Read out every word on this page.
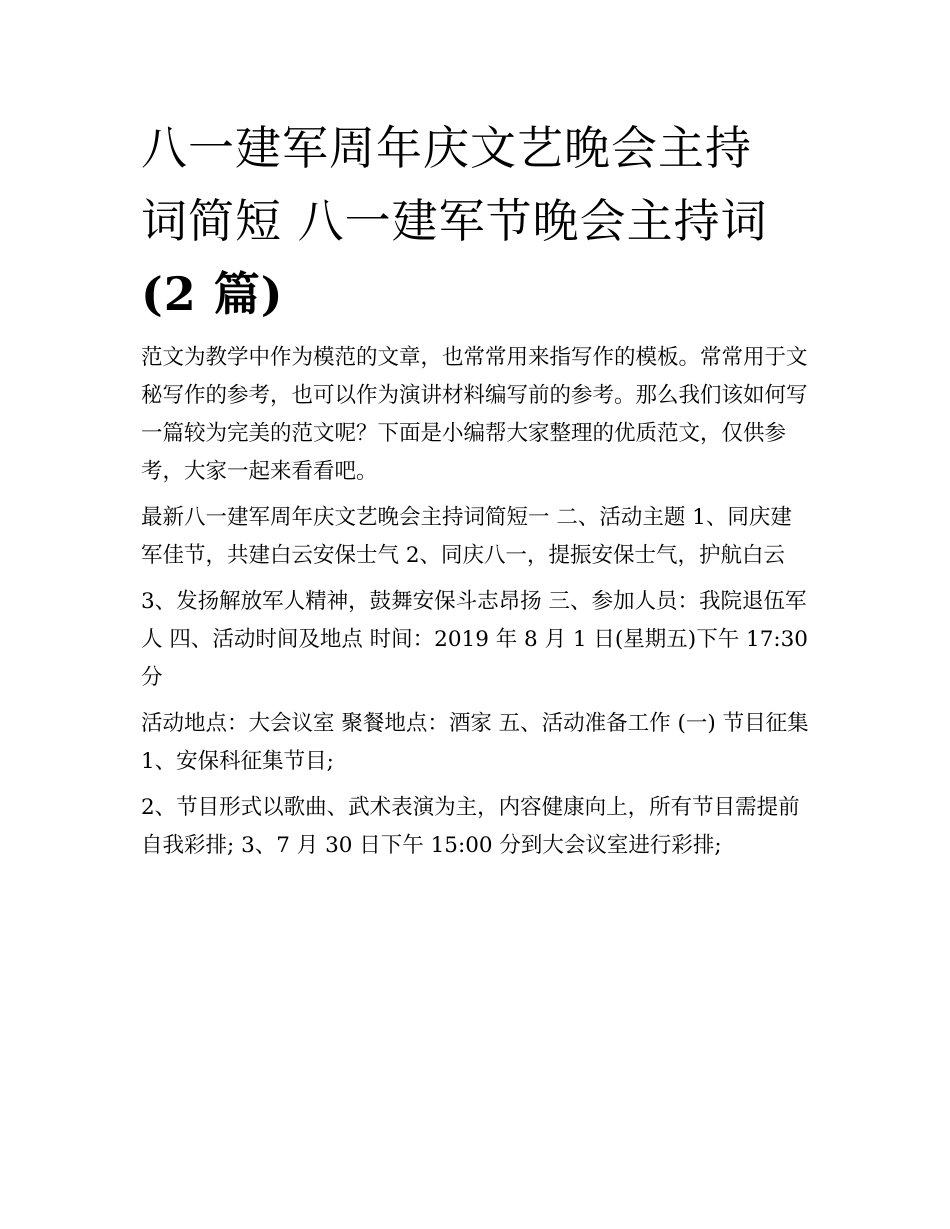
八一建军周年庆文艺晚会主持
词简短 八一建军节晚会主持词
(2 篇)

范文为教学中作为模范的文章，也常常用来指写作的模板。常常用于文秘写作的参考，也可以作为演讲材料编写前的参考。那么我们该如何写一篇较为完美的范文呢？下面是小编帮大家整理的优质范文，仅供参考，大家一起来看看吧。

最新八一建军周年庆文艺晚会主持词简短一 二、活动主题 1、同庆建军佳节，共建白云安保士气 2、同庆八一，提振安保士气，护航白云

3、发扬解放军人精神，鼓舞安保斗志昂扬 三、参加人员：我院退伍军人 四、活动时间及地点 时间：2019 年 8 月 1 日(星期五)下午 17:30 分

活动地点：大会议室 聚餐地点：酒家 五、活动准备工作 (一) 节目征集 1、安保科征集节目;

2、节目形式以歌曲、武术表演为主，内容健康向上，所有节目需提前自我彩排; 3、7 月 30 日下午 15:00 分到大会议室进行彩排;
